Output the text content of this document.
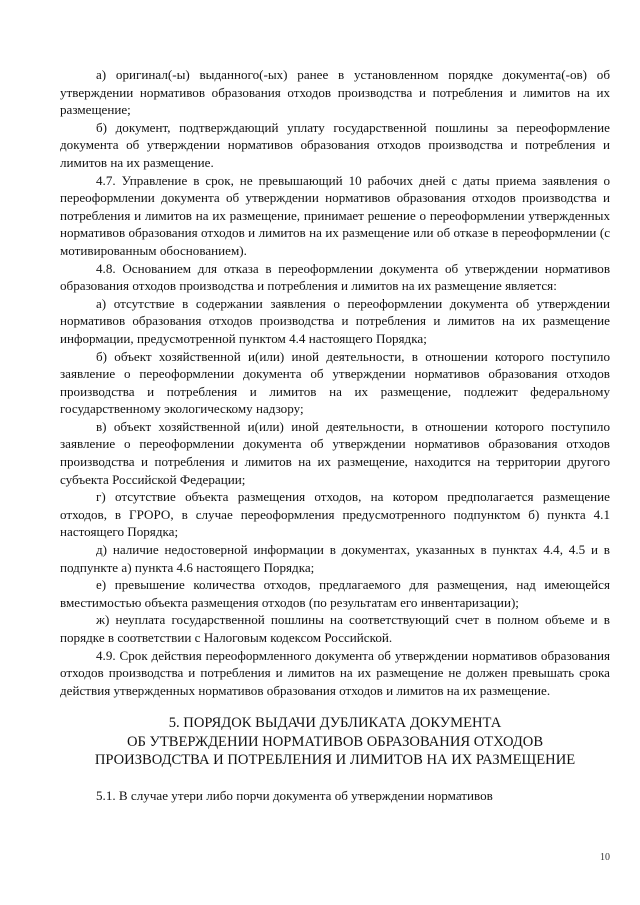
а) оригинал(-ы) выданного(-ых) ранее в установленном порядке документа(-ов) об утверждении нормативов образования отходов производства и потребления и лимитов на их размещение;

б) документ, подтверждающий уплату государственной пошлины за переоформление документа об утверждении нормативов образования отходов производства и потребления и лимитов на их размещение.

4.7. Управление в срок, не превышающий 10 рабочих дней с даты приема заявления о переоформлении документа об утверждении нормативов образования отходов производства и потребления и лимитов на их размещение, принимает решение о переоформлении утвержденных нормативов образования отходов и лимитов на их размещение или об отказе в переоформлении (с мотивированным обоснованием).

4.8. Основанием для отказа в переоформлении документа об утверждении нормативов образования отходов производства и потребления и лимитов на их размещение является:

а) отсутствие в содержании заявления о переоформлении документа об утверждении нормативов образования отходов производства и потребления и лимитов на их размещение информации, предусмотренной пунктом 4.4 настоящего Порядка;

б) объект хозяйственной и(или) иной деятельности, в отношении которого поступило заявление о переоформлении документа об утверждении нормативов образования отходов производства и потребления и лимитов на их размещение, подлежит федеральному государственному экологическому надзору;

в) объект хозяйственной и(или) иной деятельности, в отношении которого поступило заявление о переоформлении документа об утверждении нормативов образования отходов производства и потребления и лимитов на их размещение, находится на территории другого субъекта Российской Федерации;

г) отсутствие объекта размещения отходов, на котором предполагается размещение отходов, в ГРОРО, в случае переоформления предусмотренного подпунктом б) пункта 4.1 настоящего Порядка;

д) наличие недостоверной информации в документах, указанных в пунктах 4.4, 4.5 и в подпункте а) пункта 4.6 настоящего Порядка;

е) превышение количества отходов, предлагаемого для размещения, над имеющейся вместимостью объекта размещения отходов (по результатам его инвентаризации);

ж) неуплата государственной пошлины на соответствующий счет в полном объеме и в порядке в соответствии с Налоговым кодексом Российской.

4.9. Срок действия переоформленного документа об утверждении нормативов образования отходов производства и потребления и лимитов на их размещение не должен превышать срока действия утвержденных нормативов образования отходов и лимитов на их размещение.

5. ПОРЯДОК ВЫДАЧИ ДУБЛИКАТА ДОКУМЕНТА
ОБ УТВЕРЖДЕНИИ НОРМАТИВОВ ОБРАЗОВАНИЯ ОТХОДОВ
ПРОИЗВОДСТВА И ПОТРЕБЛЕНИЯ И ЛИМИТОВ НА ИХ РАЗМЕЩЕНИЕ

5.1. В случае утери либо порчи документа об утверждении нормативов

10
